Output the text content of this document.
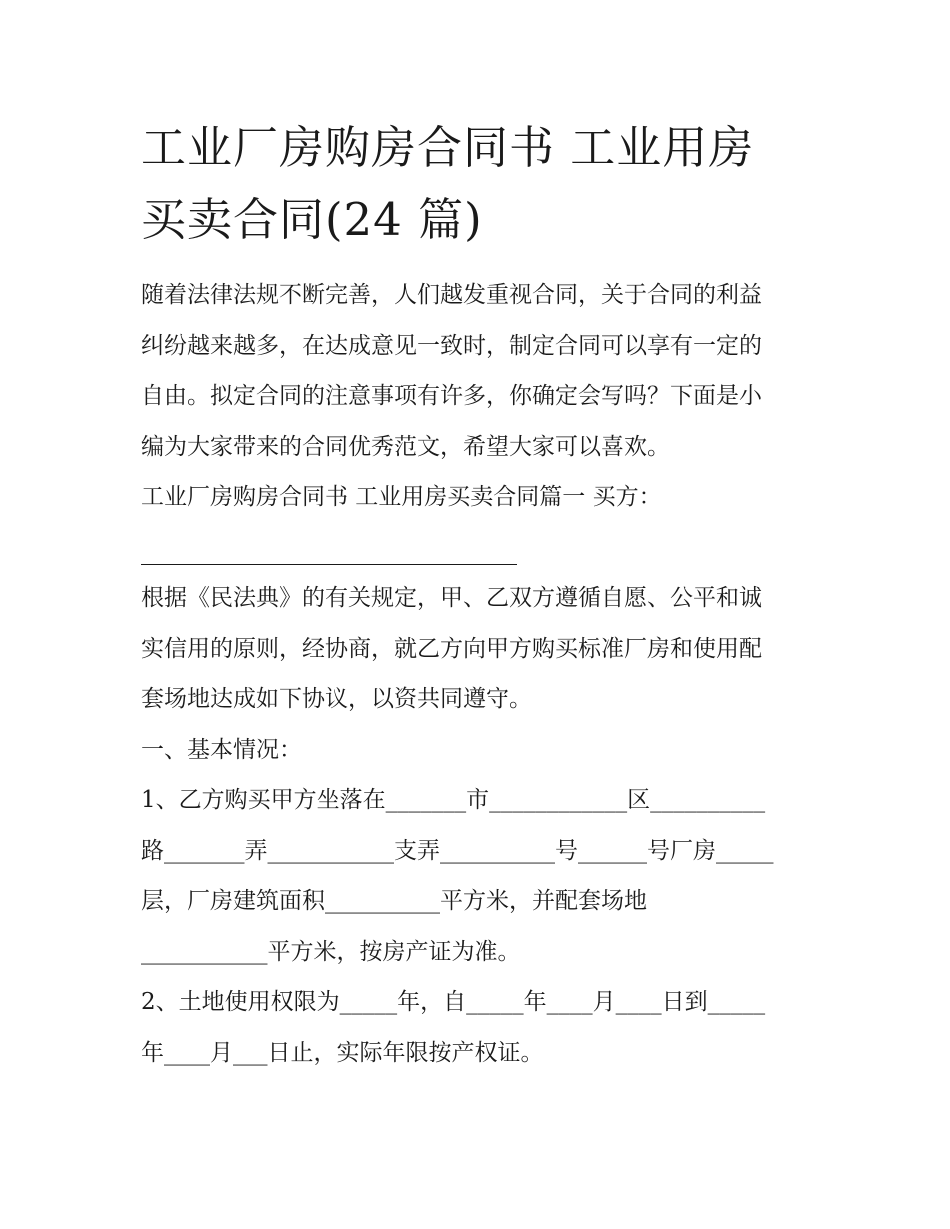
工业厂房购房合同书 工业用房
买卖合同(24 篇)

随着法律法规不断完善，人们越发重视合同，关于合同的利益
纠纷越来越多，在达成意见一致时，制定合同可以享有一定的
自由。拟定合同的注意事项有许多，你确定会写吗？下面是小
编为大家带来的合同优秀范文，希望大家可以喜欢。

工业厂房购房合同书 工业用房买卖合同篇一 买方：

根据《民法典》的有关规定，甲、乙双方遵循自愿、公平和诚
实信用的原则，经协商，就乙方向甲方购买标准厂房和使用配
套场地达成如下协议，以资共同遵守。

一、基本情况：

1、乙方购买甲方坐落在_______市____________区__________
路_______弄___________支弄__________号______号厂房_____
层，厂房建筑面积__________平方米，并配套场地
___________平方米，按房产证为准。

2、土地使用权限为_____年，自_____年____月____日到_____
年____月___日止，实际年限按产权证。
